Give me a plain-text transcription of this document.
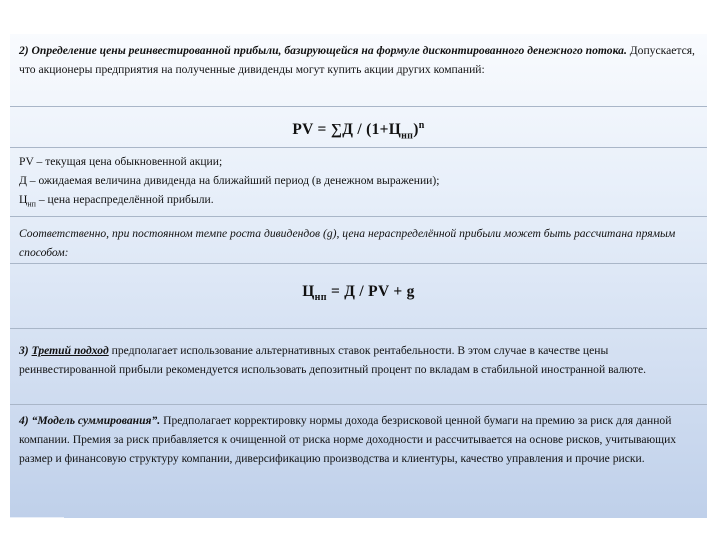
2) Определение цены реинвестированной прибыли, базирующейся на формуле дисконтированного денежного потока. Допускается, что акционеры предприятия на полученные дивиденды могут купить акции других компаний:
PV = $\sum Д / (1+Ц_{нп})^n$
PV – текущая цена обыкновенной акции;
Д – ожидаемая величина дивиденда на ближайший период (в денежном выражении);
$Ц_{нп}$ – цена нераспределённой прибыли.
Соответственно, при постоянном темпе роста дивидендов (g), цена нераспределённой прибыли может быть рассчитана прямым способом:
$Ц_{нп} = Д$ / PV + g
3) Третий подход предполагает использование альтернативных ставок рентабельности. В этом случае в качестве цены реинвестированной прибыли рекомендуется использовать депозитный процент по вкладам в стабильной иностранной валюте.
4) “Модель суммирования”. Предполагает корректировку нормы дохода безрисковой ценной бумаги на премию за риск для данной компании. Премия за риск прибавляется к очищенной от риска норме доходности и рассчитывается на основе рисков, учитывающих размер и финансовую структуру компании, диверсификацию производства и клиентуры, качество управления и прочие риски.
